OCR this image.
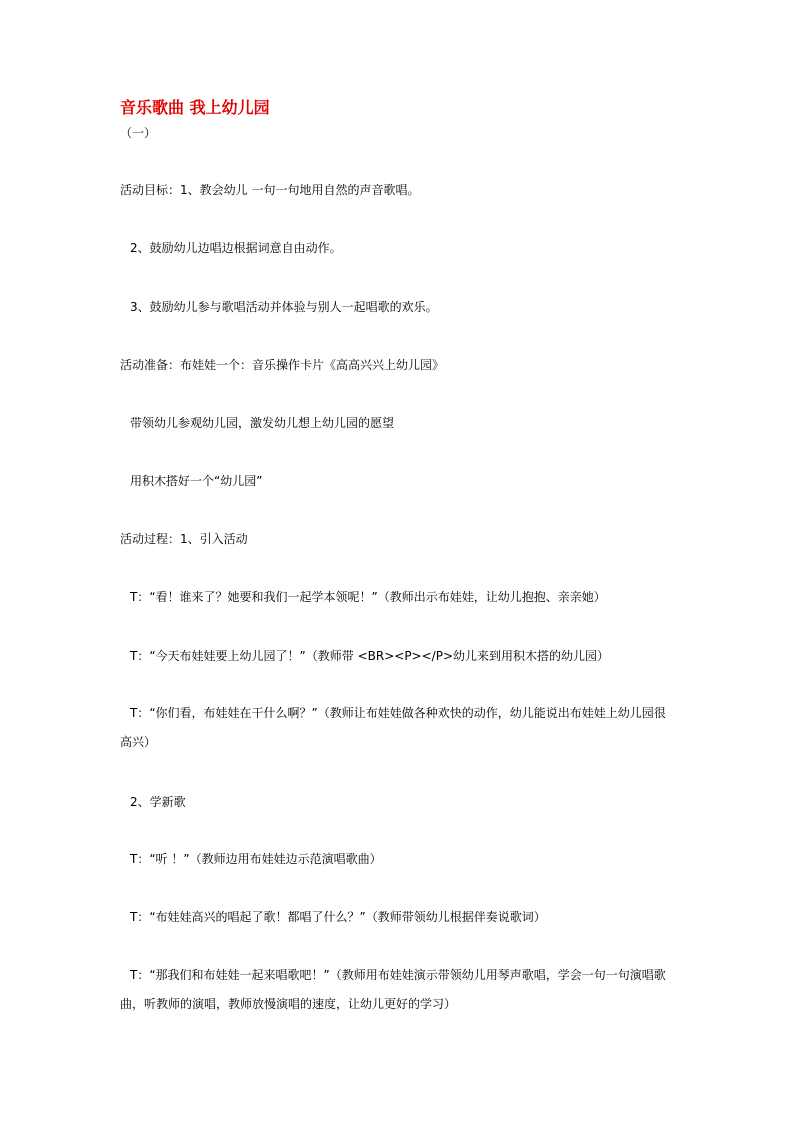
音乐歌曲 我上幼儿园
（一）
活动目标：1、教会幼儿 一句一句地用自然的声音歌唱。
2、鼓励幼儿边唱边根据词意自由动作。
3、鼓励幼儿参与歌唱活动并体验与别人一起唱歌的欢乐。
活动准备：布娃娃一个：音乐操作卡片《高高兴兴上幼儿园》
带领幼儿参观幼儿园，激发幼儿想上幼儿园的愿望
用积木搭好一个“幼儿园”
活动过程：1、引入活动
T：“看！谁来了？她要和我们一起学本领呢！”（教师出示布娃娃，让幼儿抱抱、亲亲她）
T：“今天布娃娃要上幼儿园了！”（教师带 <BR><P></P>幼儿来到用积木搭的幼儿园）
T：“你们看，布娃娃在干什么啊？”（教师让布娃娃做各种欢快的动作，幼儿能说出布娃娃上幼儿园很高兴）
2、学新歌
T：“听 ！”（教师边用布娃娃边示范演唱歌曲）
T：“布娃娃高兴的唱起了歌！都唱了什么？”（教师带领幼儿根据伴奏说歌词）
T：“那我们和布娃娃一起来唱歌吧！”（教师用布娃娃演示带领幼儿用琴声歌唱，学会一句一句演唱歌曲，听教师的演唱，教师放慢演唱的速度，让幼儿更好的学习）
